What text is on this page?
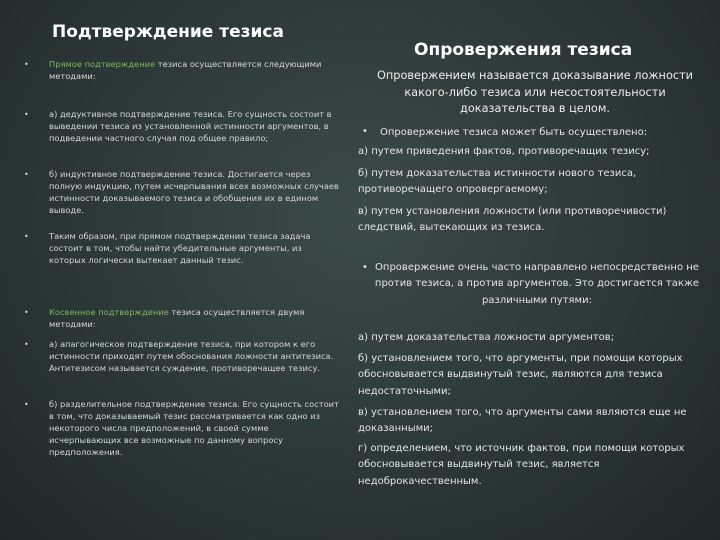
Подтверждение тезиса
• Прямое подтверждение тезиса осуществляется следующими методами:
• а) дедуктивное подтверждение тезиса. Его сущность состоит в выведении тезиса из установленной истинности аргументов, в подведении частного случая под общее правило;
• б) индуктивное подтверждение тезиса. Достигается через полную индукцию, путем исчерпывания всех возможных случаев истинности доказываемого тезиса и обобщения их в едином выводе.
• Таким образом, при прямом подтверждении тезиса задача состоит в том, чтобы найти убедительные аргументы, из которых логически вытекает данный тезис.
• Косвенное подтверждение тезиса осуществляется двумя методами:
• а) апагогическое подтверждение тезиса, при котором к его истинности приходят путем обоснования ложности антитезиса. Антитезисом называется суждение, противоречащее тезису.
• б) разделительное подтверждение тезиса. Его сущность состоит в том, что доказываемый тезис рассматривается как одно из некоторого числа предположений, в своей сумме исчерпывающих все возможные по данному вопросу предположения.
Опровержения тезиса
Опровержением называется доказывание ложности какого-либо тезиса или несостоятельности доказательства в целом.
•	Опровержение тезиса может быть осуществлено:
а) путем приведения фактов, противоречащих тезису;
б) путем доказательства истинности нового тезиса, противоречащего опровергаемому;
в) путем установления ложности (или противоречивости) следствий, вытекающих из тезиса.
• Опровержение очень часто направлено непосредственно не против тезиса, а против аргументов. Это достигается также различными путями:
а) путем доказательства ложности аргументов;
б) установлением того, что аргументы, при помощи которых обосновывается выдвинутый тезис, являются для тезиса недостаточными;
в) установлением того, что аргументы сами являются еще не доказанными;
г) определением, что источник фактов, при помощи которых обосновывается выдвинутый тезис, является недоброкачественным.
